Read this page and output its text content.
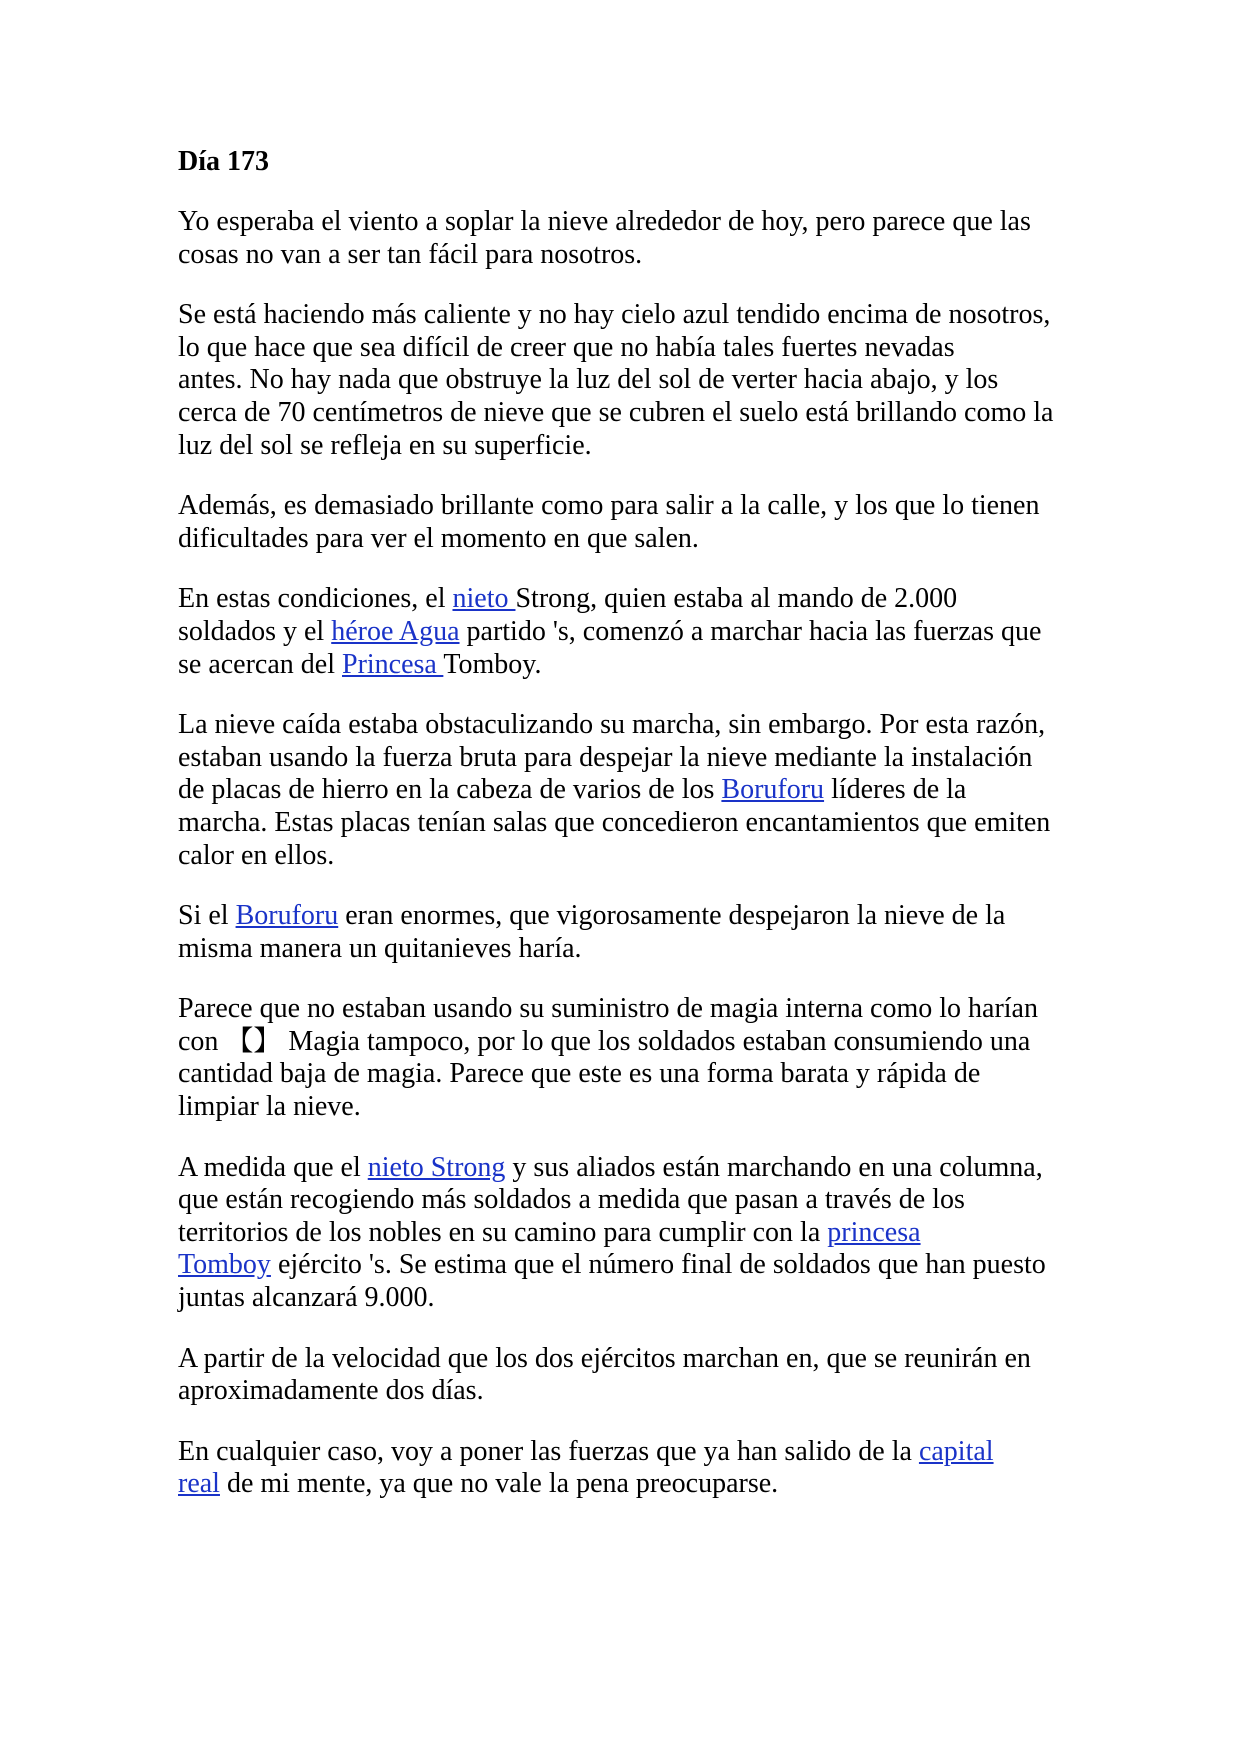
Día 173

Yo esperaba el viento a soplar la nieve alrededor de hoy, pero parece que las
cosas no van a ser tan fácil para nosotros.

Se está haciendo más caliente y no hay cielo azul tendido encima de nosotros,
lo que hace que sea difícil de creer que no había tales fuertes nevadas
antes. No hay nada que obstruye la luz del sol de verter hacia abajo, y los
cerca de 70 centímetros de nieve que se cubren el suelo está brillando como la
luz del sol se refleja en su superficie.

Además, es demasiado brillante como para salir a la calle, y los que lo tienen
dificultades para ver el momento en que salen.

En estas condiciones, el nieto Strong, quien estaba al mando de 2.000
soldados y el héroe Agua partido 's, comenzó a marchar hacia las fuerzas que
se acercan del Princesa Tomboy.

La nieve caída estaba obstaculizando su marcha, sin embargo. Por esta razón,
estaban usando la fuerza bruta para despejar la nieve mediante la instalación
de placas de hierro en la cabeza de varios de los Boruforu líderes de la
marcha. Estas placas tenían salas que concedieron encantamientos que emiten
calor en ellos.

Si el Boruforu eran enormes, que vigorosamente despejaron la nieve de la
misma manera un quitanieves haría.

Parece que no estaban usando su suministro de magia interna como lo harían
con 【】 Magia tampoco, por lo que los soldados estaban consumiendo una
cantidad baja de magia. Parece que este es una forma barata y rápida de
limpiar la nieve.

A medida que el nieto Strong y sus aliados están marchando en una columna,
que están recogiendo más soldados a medida que pasan a través de los
territorios de los nobles en su camino para cumplir con la princesa
Tomboy ejército 's. Se estima que el número final de soldados que han puesto
juntas alcanzará 9.000.

A partir de la velocidad que los dos ejércitos marchan en, que se reunirán en
aproximadamente dos días.

En cualquier caso, voy a poner las fuerzas que ya han salido de la capital
real de mi mente, ya que no vale la pena preocuparse.
